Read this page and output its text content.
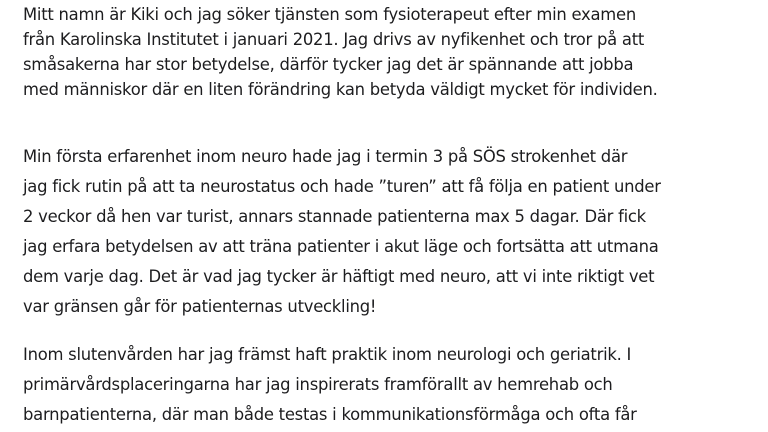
Mitt namn är Kiki och jag söker tjänsten som fysioterapeut efter min examen
från Karolinska Institutet i januari 2021. Jag drivs av nyfikenhet och tror på att
småsakerna har stor betydelse, därför tycker jag det är spännande att jobba
med människor där en liten förändring kan betyda väldigt mycket för individen.

Min första erfarenhet inom neuro hade jag i termin 3 på SÖS strokenhet där
jag fick rutin på att ta neurostatus och hade ”turen” att få följa en patient under
2 veckor då hen var turist, annars stannade patienterna max 5 dagar. Där fick
jag erfara betydelsen av att träna patienter i akut läge och fortsätta att utmana
dem varje dag. Det är vad jag tycker är häftigt med neuro, att vi inte riktigt vet
var gränsen går för patienternas utveckling!

Inom slutenvården har jag främst haft praktik inom neurologi och geriatrik. I
primärvårdsplaceringarna har jag inspirerats framförallt av hemrehab och
barnpatienterna, där man både testas i kommunikationsförmåga och ofta får
